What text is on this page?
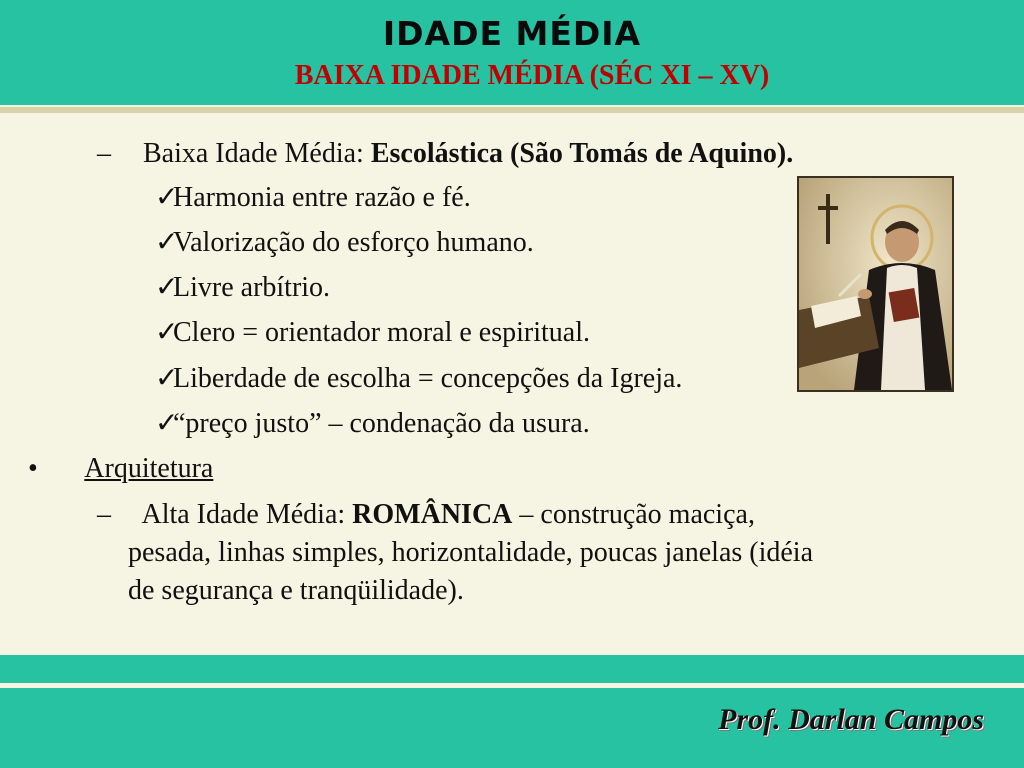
IDADE MÉDIA
BAIXA IDADE MÉDIA (SÉC XI – XV)
– Baixa Idade Média: Escolástica (São Tomás de Aquino).
✓Harmonia entre razão e fé.
✓Valorização do esforço humano.
✓Livre arbítrio.
✓Clero = orientador moral e espiritual.
✓Liberdade de escolha = concepções da Igreja.
✓“preço justo” – condenação da usura.
• Arquitetura
– Alta Idade Média: ROMÂNICA – construção maciça,
pesada, linhas simples, horizontalidade, poucas janelas (idéia
de segurança e tranqüilidade).
Prof. Darlan Campos
